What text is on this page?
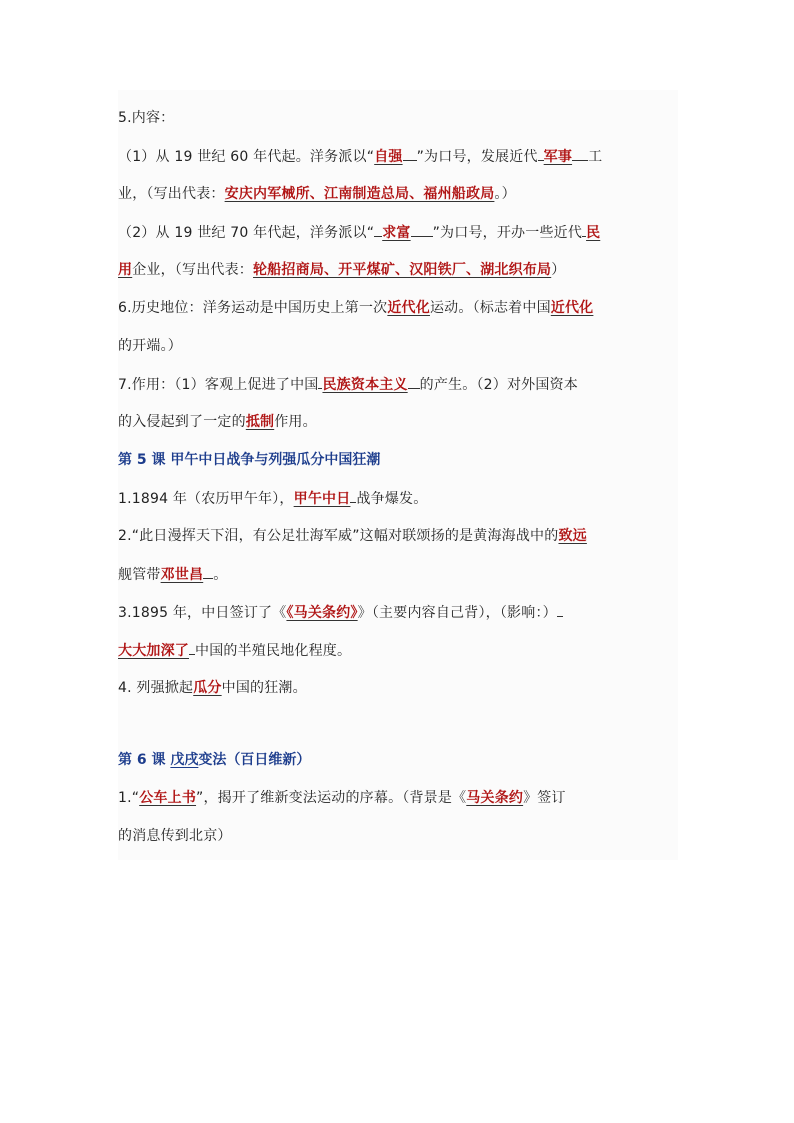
5.内容：
（1）从 19 世纪 60 年代起。洋务派以“自强 ”为口号，发展近代 军事 工
业，（写出代表：安庆内军械所、江南制造总局、福州船政局。）
（2）从 19 世纪 70 年代起，洋务派以“ 求富 ”为口号，开办一些近代 民
用企业，（写出代表：轮船招商局、开平煤矿、汉阳铁厂、湖北织布局）
6.历史地位：洋务运动是中国历史上第一次近代化运动。（标志着中国近代化
的开端。）
7.作用：（1）客观上促进了中国 民族资本主义 的产生。（2）对外国资本
的入侵起到了一定的抵制作用。
第 5 课 甲午中日战争与列强瓜分中国狂潮
1.1894 年（农历甲午年），甲午中日 战争爆发。
2.“此日漫挥天下泪，有公足壮海军威”这幅对联颂扬的是黄海海战中的致远
舰管带邓世昌 。
3.1895 年，中日签订了《《马关条约》》（主要内容自己背），（影响：）
大大加深了 中国的半殖民地化程度。
4. 列强掀起瓜分中国的狂潮。
第 6 课 戊戌变法（百日维新）
1.“公车上书”，揭开了维新变法运动的序幕。（背景是《马关条约》签订
的消息传到北京）
